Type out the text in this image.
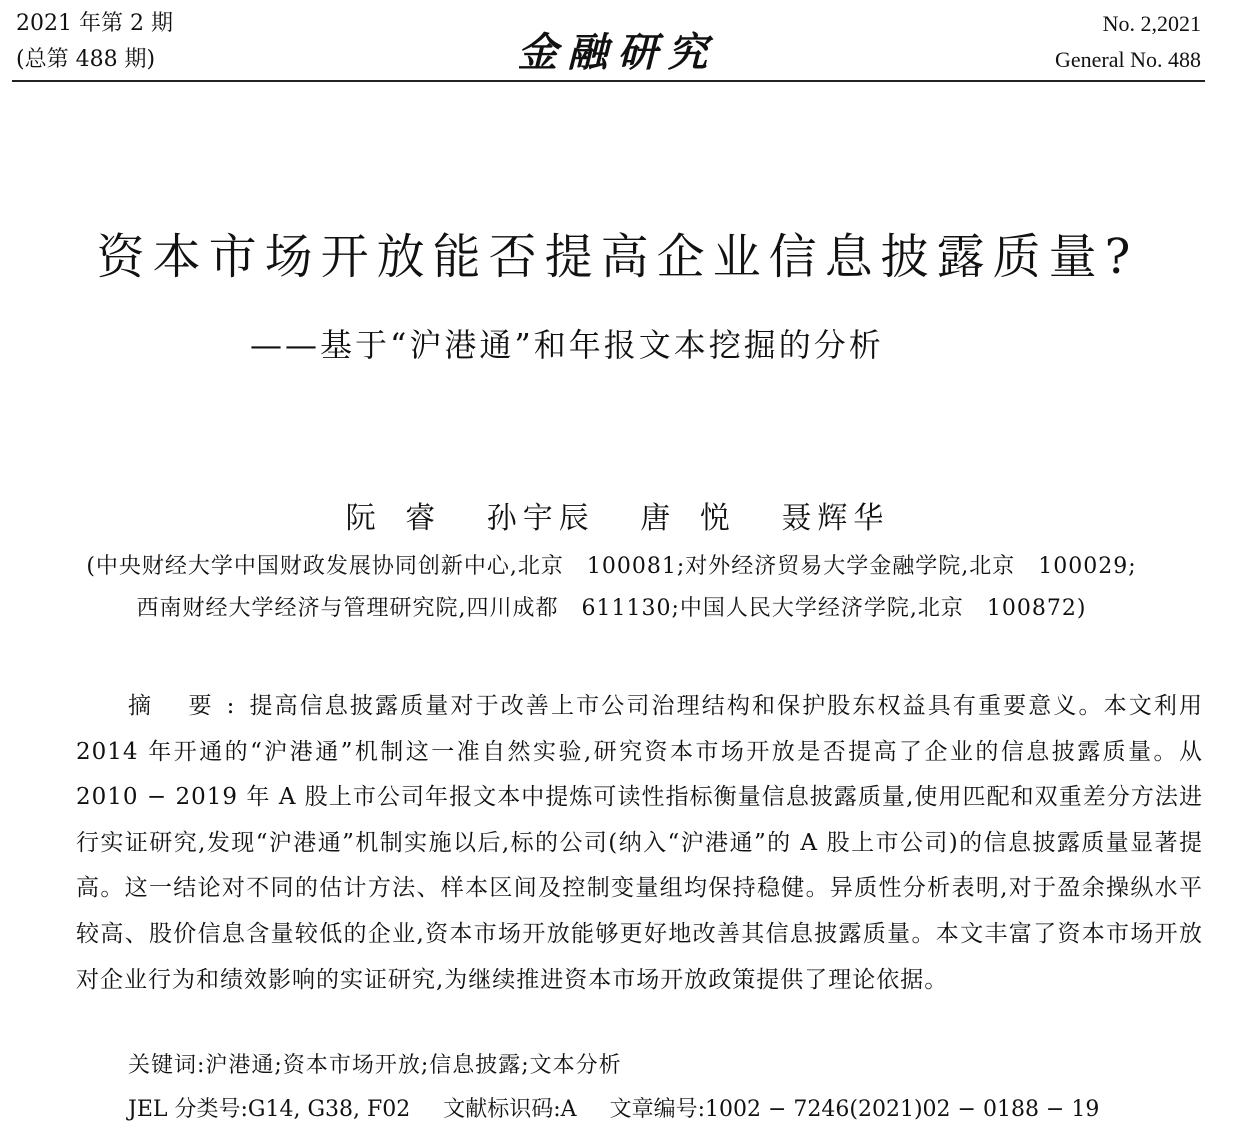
2021 年第 2 期
(总第 488 期)	金融研究
No. 2,2021
General No. 488
资本市场开放能否提高企业信息披露质量?
——基于“沪港通”和年报文本挖掘的分析
阮 睿 孙宇辰 唐 悦 聂辉华
(中央财经大学中国财政发展协同创新中心,北京　100081;对外经济贸易大学金融学院,北京　100029;
西南财经大学经济与管理研究院,四川成都　611130;中国人民大学经济学院,北京　100872)
摘 要:提高信息披露质量对于改善上市公司治理结构和保护股东权益具有重要意义。本文利用 2014 年开通的“沪港通”机制这一准自然实验,研究资本市场开放是否提高了企业的信息披露质量。从 2010 − 2019 年 A 股上市公司年报文本中提炼可读性指标衡量信息披露质量,使用匹配和双重差分方法进行实证研究,发现“沪港通”机制实施以后,标的公司(纳入“沪港通”的 A 股上市公司)的信息披露质量显著提高。这一结论对不同的估计方法、样本区间及控制变量组均保持稳健。异质性分析表明,对于盈余操纵水平较高、股价信息含量较低的企业,资本市场开放能够更好地改善其信息披露质量。本文丰富了资本市场开放对企业行为和绩效影响的实证研究,为继续推进资本市场开放政策提供了理论依据。
关键词:沪港通;资本市场开放;信息披露;文本分析
JEL 分类号:G14, G38, F02 文献标识码:A 文章编号:1002 − 7246(2021)02 − 0188 − 19
